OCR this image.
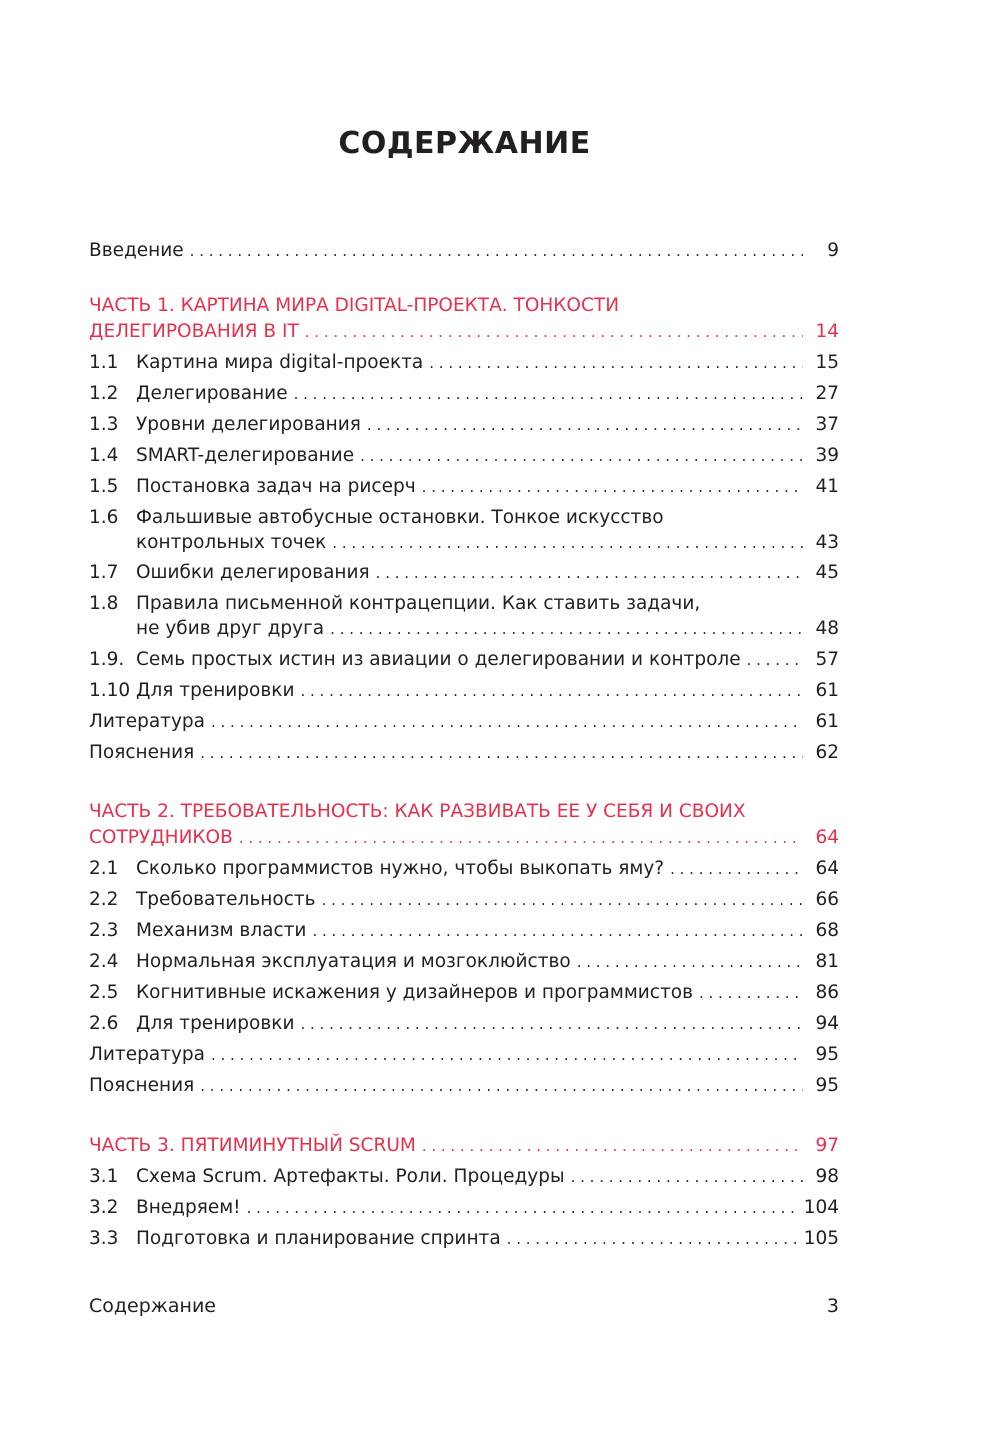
СОДЕРЖАНИЕ
Введение . . .	9
ЧАСТЬ 1. КАРТИНА МИРА DIGITAL-ПРОЕКТА. ТОНКОСТИ
ДЕЛЕГИРОВАНИЯ В IT . . .	14
1.1 Картина мира digital-проекта . . .	15
1.2 Делегирование . . .	27
1.3 Уровни делегирования . . .	37
1.4 SMART-делегирование . . .	39
1.5 Постановка задач на рисерч . . .	41
1.6 Фальшивые автобусные остановки. Тонкое искусство
контрольных точек . . .	43
1.7 Ошибки делегирования . . .	45
1.8 Правила письменной контрацепции. Как ставить задачи,
не убив друг друга . . .	48
1.9. Семь простых истин из авиации о делегировании и контроле . . .	57
1.10 Для тренировки . . .	61
Литература . . .	61
Пояснения . . .	62
ЧАСТЬ 2. ТРЕБОВАТЕЛЬНОСТЬ: КАК РАЗВИВАТЬ ЕЕ У СЕБЯ И СВОИХ
СОТРУДНИКОВ . . .	64
2.1 Сколько программистов нужно, чтобы выкопать яму? . . .	64
2.2 Требовательность . . .	66
2.3 Механизм власти . . .	68
2.4 Нормальная эксплуатация и мозгоклюйство . . .	81
2.5 Когнитивные искажения у дизайнеров и программистов . . .	86
2.6 Для тренировки . . .	94
Литература . . .	95
Пояснения . . .	95
ЧАСТЬ 3. ПЯТИМИНУТНЫЙ SCRUM . . .	97
3.1 Схема Scrum. Артефакты. Роли. Процедуры . . .	98
3.2 Внедряем! . . .	104
3.3 Подготовка и планирование спринта . . .	105
Содержание	3
